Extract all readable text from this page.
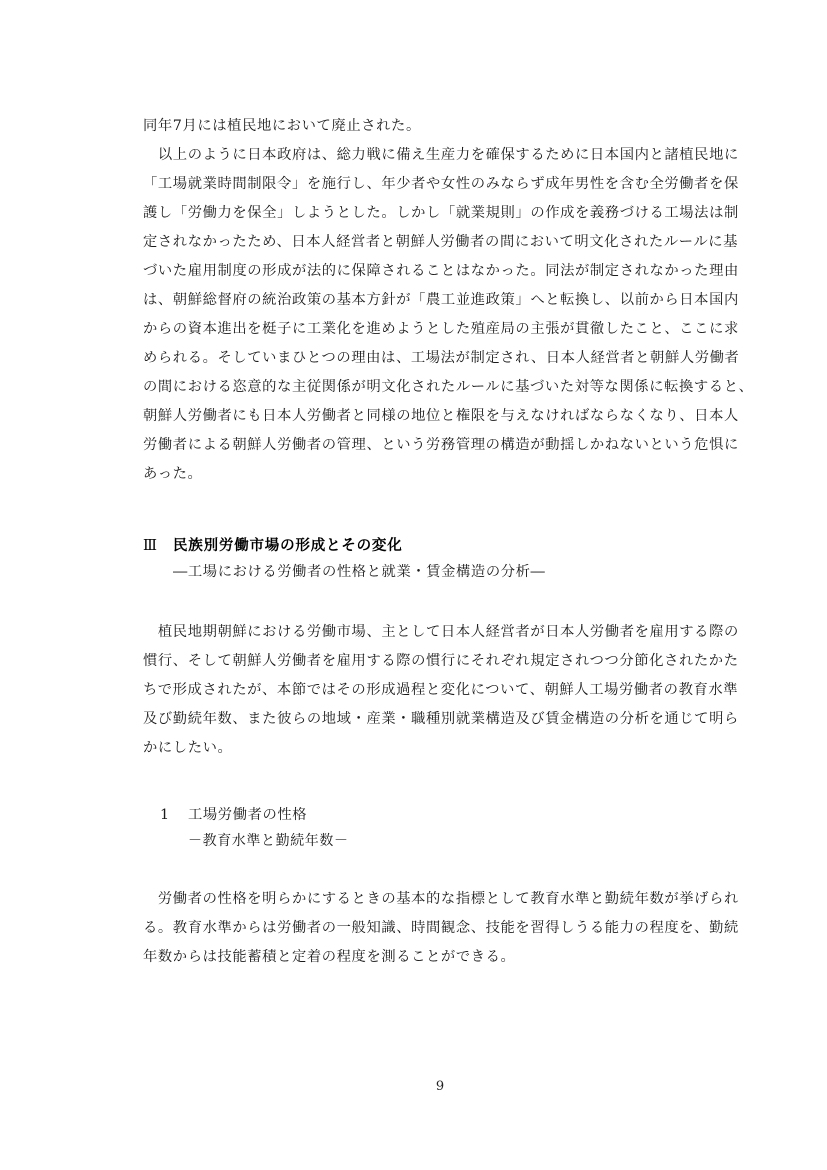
同年7月には植民地において廃止された。
　以上のように日本政府は、総力戦に備え生産力を確保するために日本国内と諸植民地に
「工場就業時間制限令」を施行し、年少者や女性のみならず成年男性を含む全労働者を保
護し「労働力を保全」しようとした。しかし「就業規則」の作成を義務づける工場法は制
定されなかったため、日本人経営者と朝鮮人労働者の間において明文化されたルールに基
づいた雇用制度の形成が法的に保障されることはなかった。同法が制定されなかった理由
は、朝鮮総督府の統治政策の基本方針が「農工並進政策」へと転換し、以前から日本国内
からの資本進出を梃子に工業化を進めようとした殖産局の主張が貫徹したこと、ここに求
められる。そしていまひとつの理由は、工場法が制定され、日本人経営者と朝鮮人労働者
の間における恣意的な主従関係が明文化されたルールに基づいた対等な関係に転換すると、
朝鮮人労働者にも日本人労働者と同様の地位と権限を与えなければならなくなり、日本人
労働者による朝鮮人労働者の管理、という労務管理の構造が動揺しかねないという危惧に
あった。
Ⅲ 民族別労働市場の形成とその変化
―工場における労働者の性格と就業・賃金構造の分析―
　植民地期朝鮮における労働市場、主として日本人経営者が日本人労働者を雇用する際の
慣行、そして朝鮮人労働者を雇用する際の慣行にそれぞれ規定されつつ分節化されたかた
ちで形成されたが、本節ではその形成過程と変化について、朝鮮人工場労働者の教育水準
及び勤続年数、また彼らの地域・産業・職種別就業構造及び賃金構造の分析を通じて明ら
かにしたい。
1 工場労働者の性格
－教育水準と勤続年数－
　労働者の性格を明らかにするときの基本的な指標として教育水準と勤続年数が挙げられ
る。教育水準からは労働者の一般知識、時間観念、技能を習得しうる能力の程度を、勤続
年数からは技能蓄積と定着の程度を測ることができる。
9
